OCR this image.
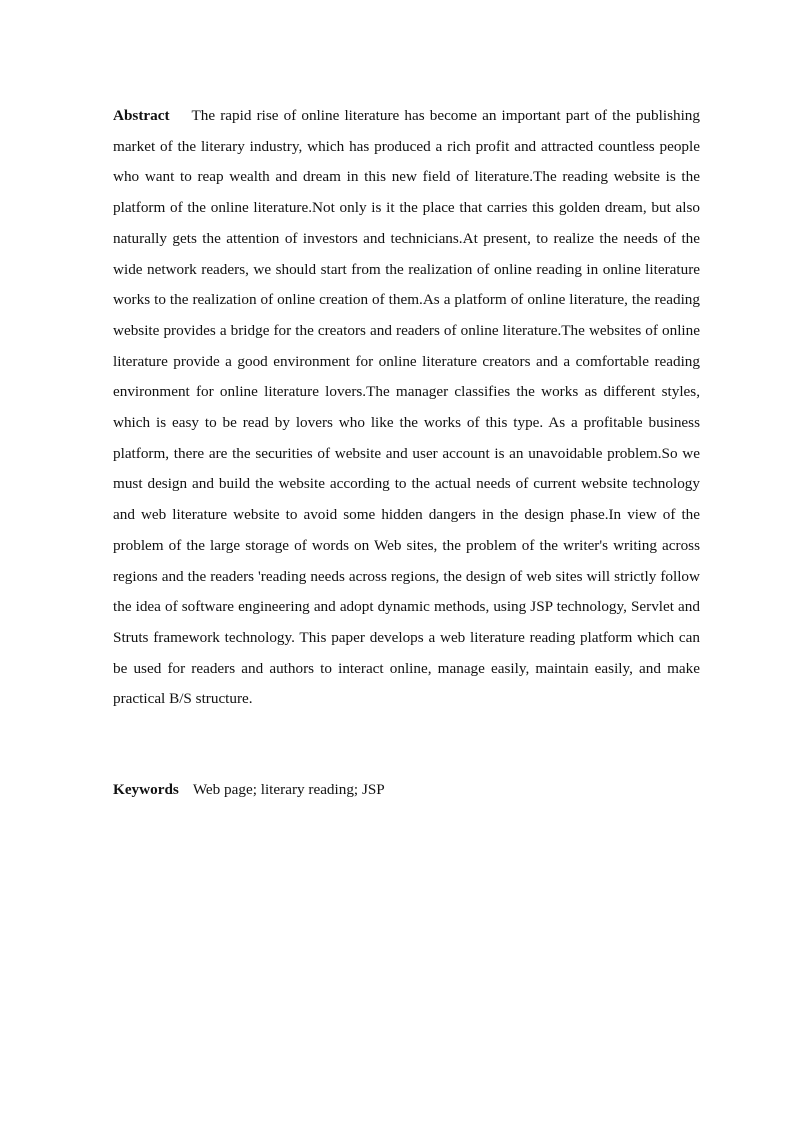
Abstract The rapid rise of online literature has become an important part of the publishing market of the literary industry, which has produced a rich profit and attracted countless people who want to reap wealth and dream in this new field of literature.The reading website is the platform of the online literature.Not only is it the place that carries this golden dream, but also naturally gets the attention of investors and technicians.At present, to realize the needs of the wide network readers, we should start from the realization of online reading in online literature works to the realization of online creation of them.As a platform of online literature, the reading website provides a bridge for the creators and readers of online literature.The websites of online literature provide a good environment for online literature creators and a comfortable reading environment for online literature lovers.The manager classifies the works as different styles, which is easy to be read by lovers who like the works of this type. As a profitable business platform, there are the securities of website and user account is an unavoidable problem.So we must design and build the website according to the actual needs of current website technology and web literature website to avoid some hidden dangers in the design phase.In view of the problem of the large storage of words on Web sites, the problem of the writer's writing across regions and the readers 'reading needs across regions, the design of web sites will strictly follow the idea of software engineering and adopt dynamic methods, using JSP technology, Servlet and Struts framework technology. This paper develops a web literature reading platform which can be used for readers and authors to interact online, manage easily, maintain easily, and make practical B/S structure.

Keywords Web page; literary reading; JSP
